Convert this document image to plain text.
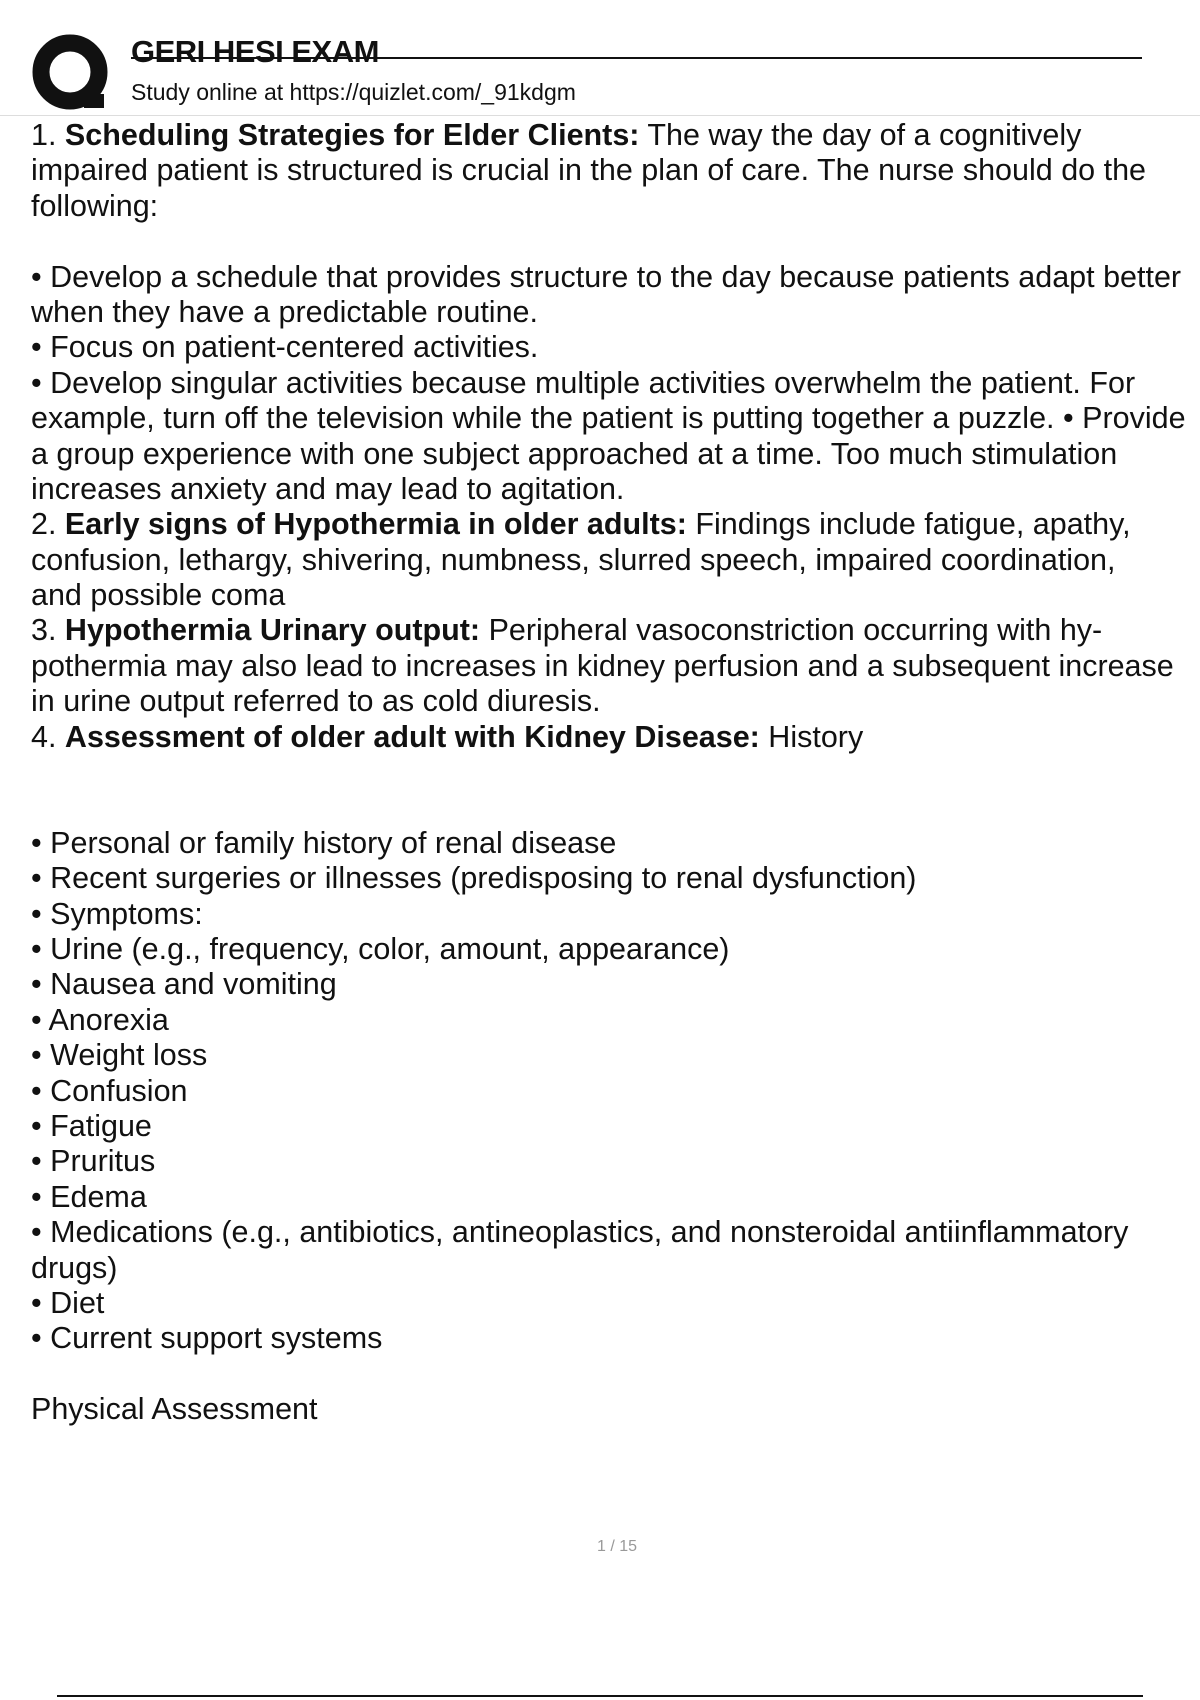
GERI HESI EXAM
Study online at https://quizlet.com/_91kdgm
1. Scheduling Strategies for Elder Clients: The way the day of a cognitively
impaired patient is structured is crucial in the plan of care. The nurse should do the
following:
• Develop a schedule that provides structure to the day because patients adapt better
when they have a predictable routine.
• Focus on patient-centered activities.
• Develop singular activities because multiple activities overwhelm the patient. For
example, turn off the television while the patient is putting together a puzzle. • Provide
a group experience with one subject approached at a time. Too much stimulation
increases anxiety and may lead to agitation.
2. Early signs of Hypothermia in older adults: Findings include fatigue, apathy,
confusion, lethargy, shivering, numbness, slurred speech, impaired coordination,
and possible coma
3. Hypothermia Urinary output: Peripheral vasoconstriction occurring with hy-
pothermia may also lead to increases in kidney perfusion and a subsequent increase
in urine output referred to as cold diuresis.
4. Assessment of older adult with Kidney Disease: History
• Personal or family history of renal disease
• Recent surgeries or illnesses (predisposing to renal dysfunction)
• Symptoms:
• Urine (e.g., frequency, color, amount, appearance)
• Nausea and vomiting
• Anorexia
• Weight loss
• Confusion
• Fatigue
• Pruritus
• Edema
• Medications (e.g., antibiotics, antineoplastics, and nonsteroidal antiinflammatory
drugs)
• Diet
• Current support systems
Physical Assessment
1 / 15
